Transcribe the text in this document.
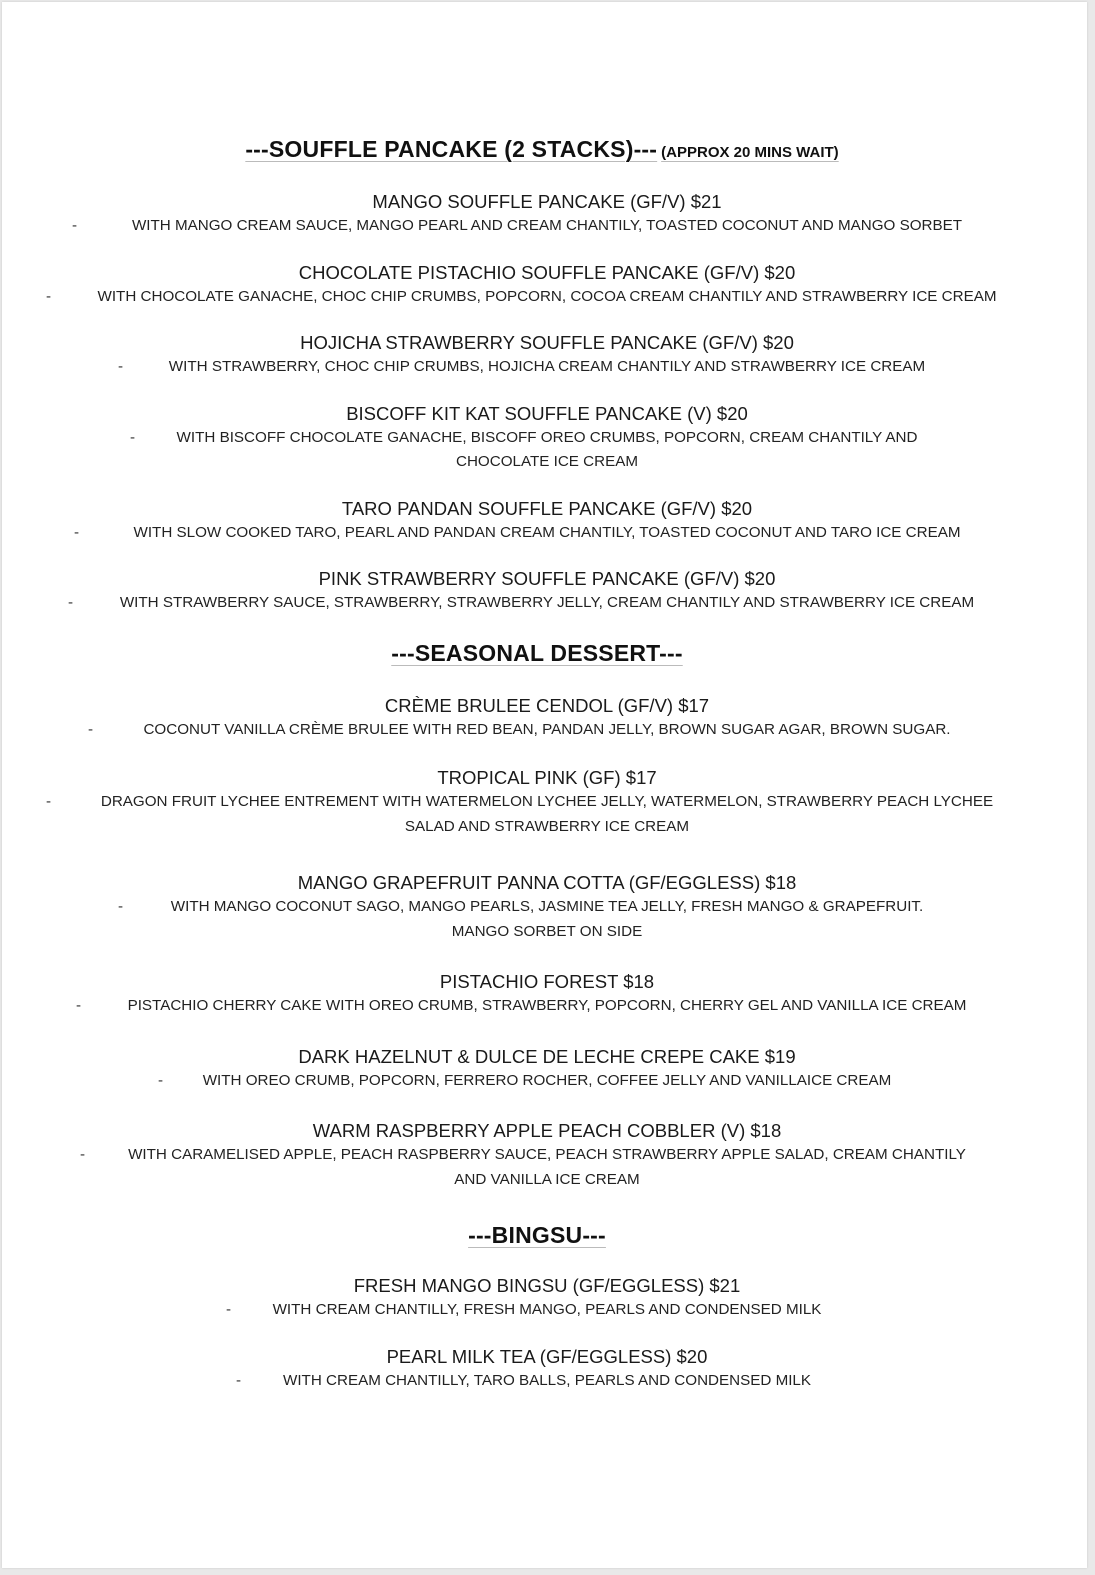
---SOUFFLE PANCAKE (2 STACKS)--- (APPROX 20 MINS WAIT)

MANGO SOUFFLE PANCAKE (GF/V) $21

-	WITH MANGO CREAM SAUCE, MANGO PEARL AND CREAM CHANTILY, TOASTED COCONUT AND MANGO SORBET

CHOCOLATE PISTACHIO SOUFFLE PANCAKE (GF/V) $20

-	WITH CHOCOLATE GANACHE, CHOC CHIP CRUMBS, POPCORN, COCOA CREAM CHANTILY AND STRAWBERRY ICE CREAM

HOJICHA STRAWBERRY SOUFFLE PANCAKE (GF/V) $20

-	WITH STRAWBERRY, CHOC CHIP CRUMBS, HOJICHA CREAM CHANTILY AND STRAWBERRY ICE CREAM

BISCOFF KIT KAT SOUFFLE PANCAKE (V) $20

-	WITH BISCOFF CHOCOLATE GANACHE, BISCOFF OREO CRUMBS, POPCORN, CREAM CHANTILY AND
CHOCOLATE ICE CREAM

TARO PANDAN SOUFFLE PANCAKE (GF/V) $20

-	WITH SLOW COOKED TARO, PEARL AND PANDAN CREAM CHANTILY, TOASTED COCONUT AND TARO ICE CREAM

PINK STRAWBERRY SOUFFLE PANCAKE (GF/V) $20

-	WITH STRAWBERRY SAUCE, STRAWBERRY, STRAWBERRY JELLY, CREAM CHANTILY AND STRAWBERRY ICE CREAM

---SEASONAL DESSERT---

CRÈME BRULEE CENDOL (GF/V) $17

-	COCONUT VANILLA CRÈME BRULEE WITH RED BEAN, PANDAN JELLY, BROWN SUGAR AGAR, BROWN SUGAR.

TROPICAL PINK (GF) $17

-	DRAGON FRUIT LYCHEE ENTREMENT WITH WATERMELON LYCHEE JELLY, WATERMELON, STRAWBERRY PEACH LYCHEE
SALAD AND STRAWBERRY ICE CREAM

MANGO GRAPEFRUIT PANNA COTTA (GF/EGGLESS) $18

-	WITH MANGO COCONUT SAGO, MANGO PEARLS, JASMINE TEA JELLY, FRESH MANGO & GRAPEFRUIT.
MANGO SORBET ON SIDE

PISTACHIO FOREST $18

-	PISTACHIO CHERRY CAKE WITH OREO CRUMB, STRAWBERRY, POPCORN, CHERRY GEL AND VANILLA ICE CREAM

DARK HAZELNUT & DULCE DE LECHE CREPE CAKE $19

-	WITH OREO CRUMB, POPCORN, FERRERO ROCHER, COFFEE JELLY AND VANILLAICE CREAM

WARM RASPBERRY APPLE PEACH COBBLER (V) $18

-	WITH CARAMELISED APPLE, PEACH RASPBERRY SAUCE, PEACH STRAWBERRY APPLE SALAD, CREAM CHANTILY
AND VANILLA ICE CREAM

---BINGSU---

FRESH MANGO BINGSU (GF/EGGLESS) $21

-	WITH CREAM CHANTILLY, FRESH MANGO, PEARLS AND CONDENSED MILK

PEARL MILK TEA (GF/EGGLESS) $20

-	WITH CREAM CHANTILLY, TARO BALLS, PEARLS AND CONDENSED MILK
